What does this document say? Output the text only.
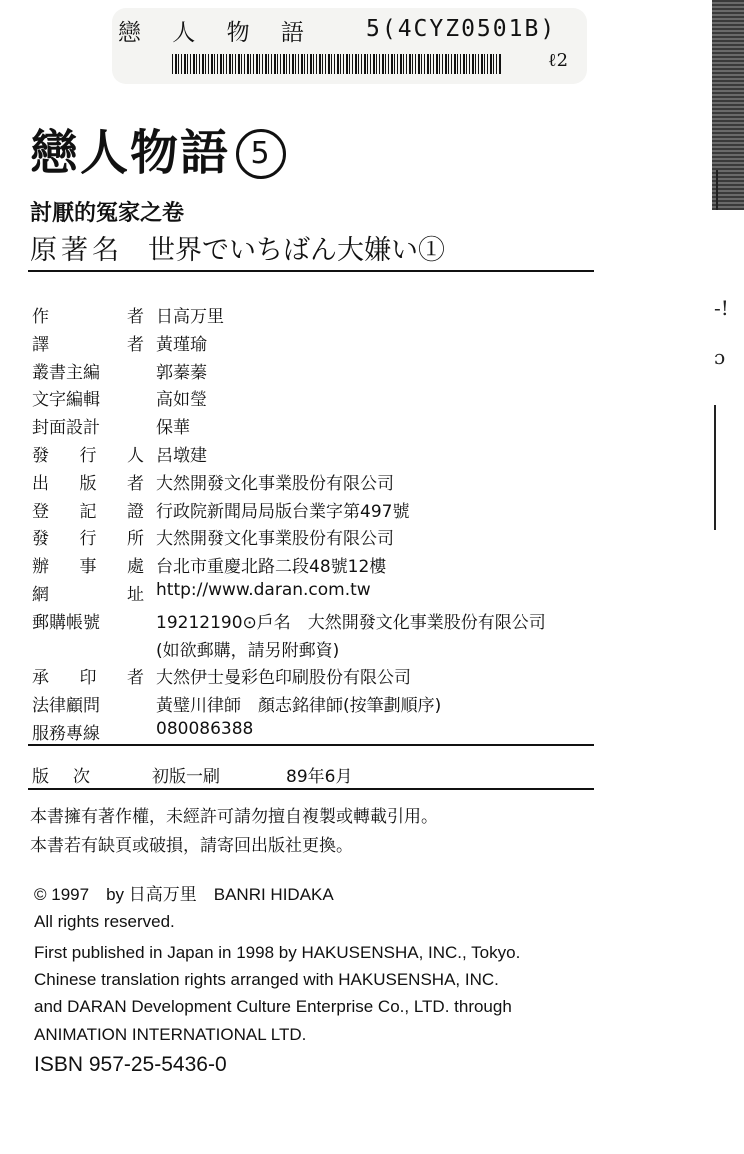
戀 人 物 語 5(4CYZ0501B)
ℓ2
-!
ɔ
戀人物語 5
討厭的冤家之卷
原著名 世界でいちばん大嫌い①
作	者 日高万里
譯	者 黃瑾瑜
叢書主編	郭蓁蓁
文字編輯	高如瑩
封面設計	保華
發 行 人 呂墩建
出 版 者 大然開發文化事業股份有限公司
登 記 證 行政院新聞局局版台業字第497號
發 行 所 大然開發文化事業股份有限公司
辦 事 處 台北市重慶北路二段48號12樓
網	址 http://www.daran.com.tw
郵購帳號	19212190⊙戶名　大然開發文化事業股份有限公司
(如欲郵購，請另附郵資)
承 印 者 大然伊士曼彩色印刷股份有限公司
法律顧問	黃璧川律師　顏志銘律師(按筆劃順序)
服務專線	080086388
版次 初版一刷	89年6月
本書擁有著作權，未經許可請勿擅自複製或轉載引用。
本書若有缺頁或破損，請寄回出版社更換。
© 1997　by 日高万里　BANRI HIDAKA
All rights reserved.
First published in Japan in 1998 by HAKUSENSHA, INC., Tokyo.
Chinese translation rights arranged with HAKUSENSHA, INC.
and DARAN Development Culture Enterprise Co., LTD. through
ANIMATION INTERNATIONAL LTD.
ISBN 957-25-5436-0
